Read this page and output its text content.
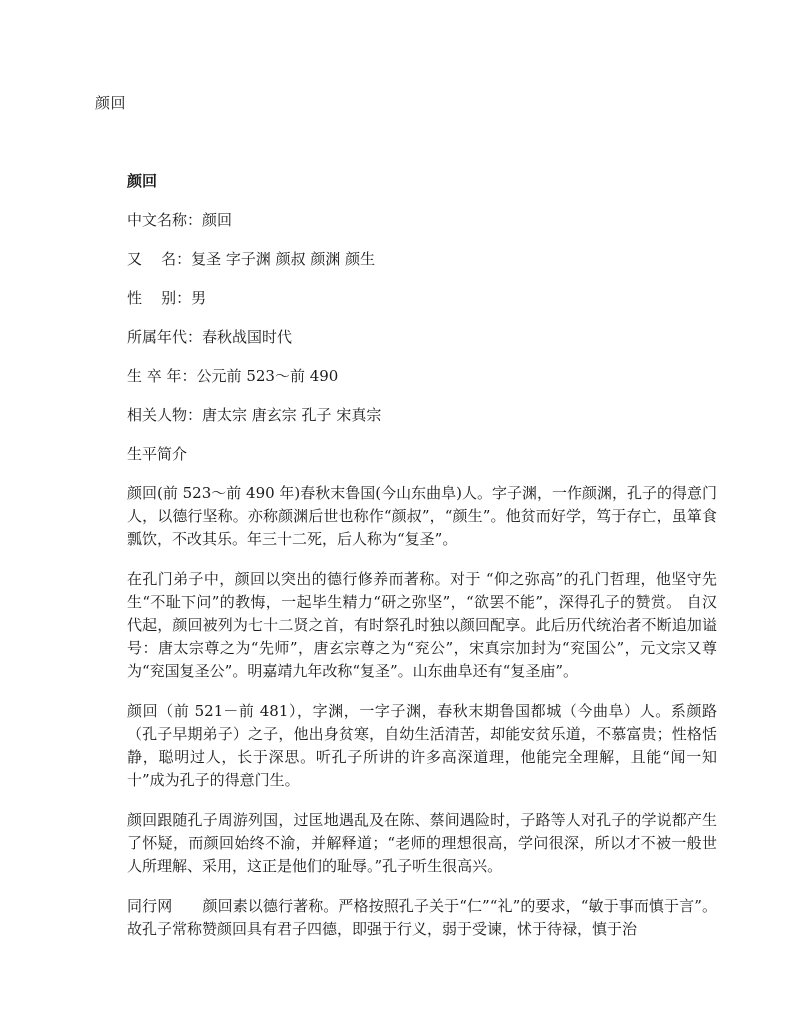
颜回
颜回
中文名称：颜回
又    名：复圣 字子渊 颜叔 颜渊 颜生
性    别：男
所属年代：春秋战国时代
生 卒 年：公元前 523～前 490
相关人物：唐太宗 唐玄宗 孔子 宋真宗
生平简介

颜回(前 523～前 490 年)春秋末鲁国(今山东曲阜)人。字子渊，一作颜渊，孔子的得意门人，以德行坚称。亦称颜渊后世也称作“颜叔”，“颜生”。他贫而好学，笃于存亡，虽箪食瓢饮，不改其乐。年三十二死，后人称为“复圣”。

在孔门弟子中，颜回以突出的德行修养而著称。对于 “仰之弥高”的孔门哲理，他坚守先生“不耻下问”的教悔，一起毕生精力“研之弥坚”，“欲罢不能”，深得孔子的赞赏。 自汉代起，颜回被列为七十二贤之首，有时祭孔时独以颜回配享。此后历代统治者不断追加谥号：唐太宗尊之为“先师”，唐玄宗尊之为“兖公”，宋真宗加封为“兖国公”，元文宗又尊为“兖国复圣公”。明嘉靖九年改称“复圣”。山东曲阜还有“复圣庙”。

颜回（前 521－前 481），字渊，一字子渊，春秋末期鲁国都城（今曲阜）人。系颜路（孔子早期弟子）之子，他出身贫寒，自幼生活清苦，却能安贫乐道，不慕富贵；性格恬静，聪明过人，长于深思。听孔子所讲的许多高深道理，他能完全理解，且能“闻一知十”成为孔子的得意门生。

颜回跟随孔子周游列国，过匡地遇乱及在陈、蔡间遇险时，子路等人对孔子的学说都产生了怀疑，而颜回始终不渝，并解释道；“老师的理想很高，学问很深，所以才不被一般世人所理解、采用，这正是他们的耻辱。”孔子听生很高兴。

同行网　　颜回素以德行著称。严格按照孔子关于“仁”“礼”的要求，“敏于事而慎于言”。故孔子常称赞颜回具有君子四德，即强于行义，弱于受谏，怵于待禄，慎于治
